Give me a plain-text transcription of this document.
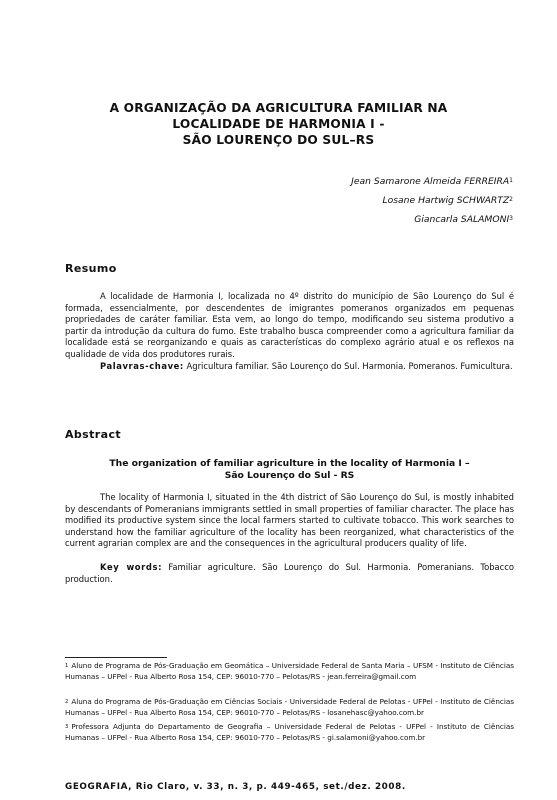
A ORGANIZAÇÃO DA AGRICULTURA FAMILIAR NA
LOCALIDADE DE HARMONIA I -
SÃO LOURENÇO DO SUL–RS
Jean Samarone Almeida FERREIRA$^1$
Losane Hartwig SCHWARTZ$^2$
Giancarla SALAMONI$^3$
Resumo
A localidade de Harmonia I, localizada no 4º distrito do município de São Lourenço do Sul é formada, essencialmente, por descendentes de imigrantes pomeranos organizados em pequenas propriedades de caráter familiar. Esta vem, ao longo do tempo, modificando seu sistema produtivo a partir da introdução da cultura do fumo. Este trabalho busca compreender como a agricultura familiar da localidade está se reorganizando e quais as características do complexo agrário atual e os reflexos na qualidade de vida dos produtores rurais.
Palavras-chave: Agricultura familiar. São Lourenço do Sul. Harmonia. Pomeranos. Fumicultura.
Abstract
The organization of familiar agriculture in the locality of Harmonia I –
São Lourenço do Sul - RS
The locality of Harmonia I, situated in the 4th district of São Lourenço do Sul, is mostly inhabited by descendants of Pomeranians immigrants settled in small properties of familiar character. The place has modified its productive system since the local farmers started to cultivate tobacco. This work searches to understand how the familiar agriculture of the locality has been reorganized, what characteristics of the current agrarian complex are and the consequences in the agricultural producers quality of life.
Key words: Familiar agriculture. São Lourenço do Sul. Harmonia. Pomeranians. Tobacco production.
$^1$ Aluno de Programa de Pós-Graduação em Geomática – Universidade Federal de Santa Maria – UFSM - Instituto de Ciências Humanas – UFPel - Rua Alberto Rosa 154, CEP: 96010-770 – Pelotas/RS - jean.ferreira@gmail.com
$^2$ Aluna do Programa de Pós-Graduação em Ciências Sociais - Universidade Federal de Pelotas - UFPel - Instituto de Ciências Humanas – UFPel - Rua Alberto Rosa 154, CEP: 96010-770 – Pelotas/RS - losanehasc@yahoo.com.br
$^3$ Professora Adjunta do Departamento de Geografia – Universidade Federal de Pelotas - UFPel - Instituto de Ciências Humanas – UFPel - Rua Alberto Rosa 154, CEP: 96010-770 – Pelotas/RS - gi.salamoni@yahoo.com.br
GEOGRAFIA, Rio Claro, v. 33, n. 3, p. 449-465, set./dez. 2008.
